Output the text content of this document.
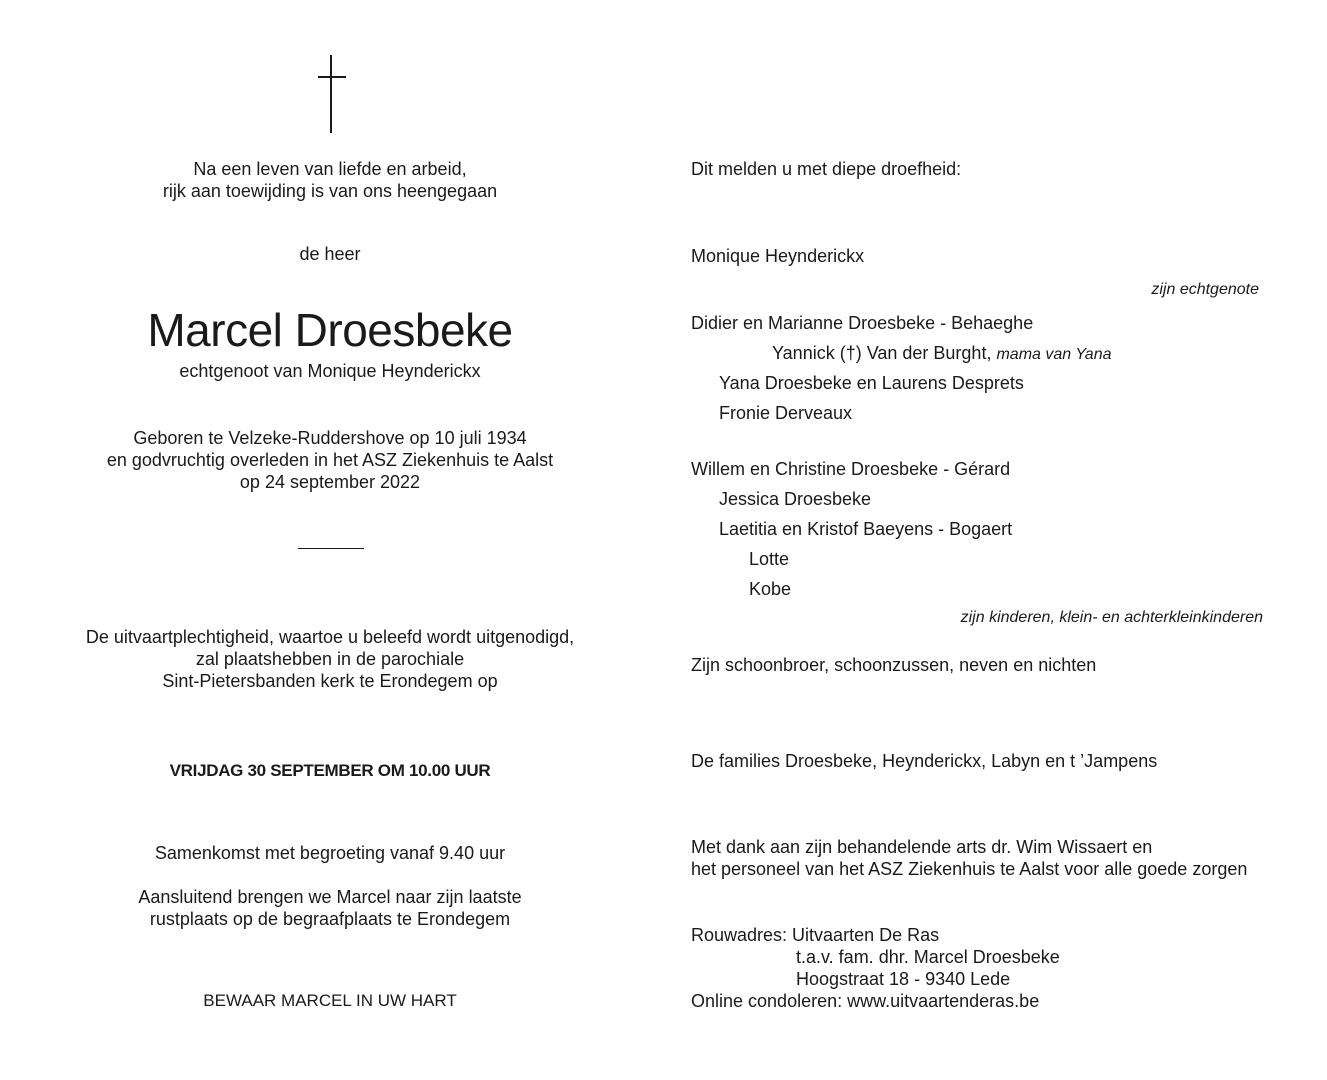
Na een leven van liefde en arbeid,
rijk aan toewijding is van ons heengegaan
de heer
Marcel Droesbeke
echtgenoot van Monique Heynderickx
Geboren te Velzeke-Ruddershove op 10 juli 1934
en godvruchtig overleden in het ASZ Ziekenhuis te Aalst
op 24 september 2022
De uitvaartplechtigheid, waartoe u beleefd wordt uitgenodigd,
zal plaatshebben in de parochiale
Sint-Pietersbanden kerk te Erondegem op
VRIJDAG 30 SEPTEMBER OM 10.00 UUR
Samenkomst met begroeting vanaf 9.40 uur
Aansluitend brengen we Marcel naar zijn laatste
rustplaats op de begraafplaats te Erondegem
BEWAAR MARCEL IN UW HART
Dit melden u met diepe droefheid:
Monique Heynderickx
zijn echtgenote
Didier en Marianne Droesbeke - Behaeghe
Yannick (†) Van der Burght, mama van Yana
Yana Droesbeke en Laurens Desprets
Fronie Derveaux
Willem en Christine Droesbeke - Gérard
Jessica Droesbeke
Laetitia en Kristof Baeyens - Bogaert
Lotte
Kobe
zijn kinderen, klein- en achterkleinkinderen
Zijn schoonbroer, schoonzussen, neven en nichten
De families Droesbeke, Heynderickx, Labyn en t ’Jampens
Met dank aan zijn behandelende arts dr. Wim Wissaert en
het personeel van het ASZ Ziekenhuis te Aalst voor alle goede zorgen
Rouwadres: Uitvaarten De Ras
t.a.v. fam. dhr. Marcel Droesbeke
Hoogstraat 18 - 9340 Lede
Online condoleren: www.uitvaartenderas.be
